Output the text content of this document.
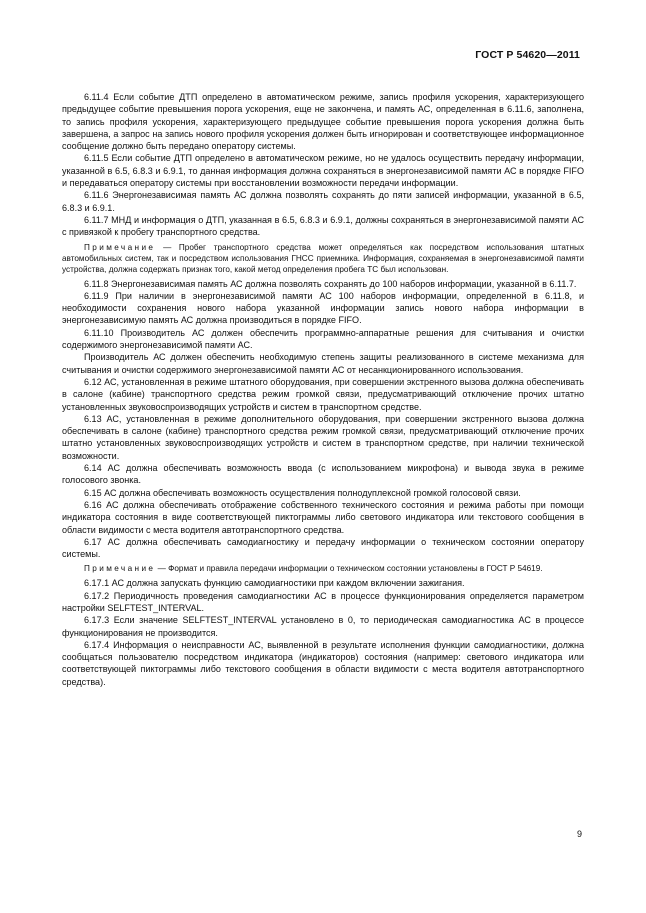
ГОСТ Р 54620—2011

6.11.4 Если событие ДТП определено в автоматическом режиме, запись профиля ускорения, характеризующего предыдущее событие превышения порога ускорения, еще не закончена, и память АС, определенная в 6.11.6, заполнена, то запись профиля ускорения, характеризующего предыдущее событие превышения порога ускорения должна быть завершена, а запрос на запись нового профиля ускорения должен быть игнорирован и соответствующее информационное сообщение должно быть передано оператору системы.

6.11.5 Если событие ДТП определено в автоматическом режиме, но не удалось осуществить передачу информации, указанной в 6.5, 6.8.3 и 6.9.1, то данная информация должна сохраняться в энергонезависимой памяти АС в порядке FIFO и передаваться оператору системы при восстановлении возможности передачи информации.

6.11.6 Энергонезависимая память АС должна позволять сохранять до пяти записей информации, указанной в 6.5, 6.8.3 и 6.9.1.

6.11.7 МНД и информация о ДТП, указанная в 6.5, 6.8.3 и 6.9.1, должны сохраняться в энергонезависимой памяти АС с привязкой к пробегу транспортного средства.

Примечание — Пробег транспортного средства может определяться как посредством использования штатных автомобильных систем, так и посредством использования ГНСС приемника. Информация, сохраняемая в энергонезависимой памяти устройства, должна содержать признак того, какой метод определения пробега ТС был использован.

6.11.8 Энергонезависимая память АС должна позволять сохранять до 100 наборов информации, указанной в 6.11.7.

6.11.9 При наличии в энергонезависимой памяти АС 100 наборов информации, определенной в 6.11.8, и необходимости сохранения нового набора указанной информации запись нового набора информации в энергонезависимую память АС должна производиться в порядке FIFO.

6.11.10 Производитель АС должен обеспечить программно-аппаратные решения для считывания и очистки содержимого энергонезависимой памяти АС.

Производитель АС должен обеспечить необходимую степень защиты реализованного в системе механизма для считывания и очистки содержимого энергонезависимой памяти АС от несанкционированного использования.

6.12 АС, установленная в режиме штатного оборудования, при совершении экстренного вызова должна обеспечивать в салоне (кабине) транспортного средства режим громкой связи, предусматривающий отключение прочих штатно установленных звуковоспроизводящих устройств и систем в транспортном средстве.

6.13 АС, установленная в режиме дополнительного оборудования, при совершении экстренного вызова должна обеспечивать в салоне (кабине) транспортного средства режим громкой связи, предусматривающий отключение прочих штатно установленных звуковоспроизводящих устройств и систем в транспортном средстве, при наличии технической возможности.

6.14 АС должна обеспечивать возможность ввода (с использованием микрофона) и вывода звука в режиме голосового звонка.

6.15 АС должна обеспечивать возможность осуществления полнодуплексной громкой голосовой связи.

6.16 АС должна обеспечивать отображение собственного технического состояния и режима работы при помощи индикатора состояния в виде соответствующей пиктограммы либо светового индикатора или текстового сообщения в области видимости с места водителя автотранспортного средства.

6.17 АС должна обеспечивать самодиагностику и передачу информации о техническом состоянии оператору системы.

Примечание — Формат и правила передачи информации о техническом состоянии установлены в ГОСТ Р 54619.

6.17.1 АС должна запускать функцию самодиагностики при каждом включении зажигания.

6.17.2 Периодичность проведения самодиагностики АС в процессе функционирования определяется параметром настройки SELFTEST_INTERVAL.

6.17.3 Если значение SELFTEST_INTERVAL установлено в 0, то периодическая самодиагностика АС в процессе функционирования не производится.

6.17.4 Информация о неисправности АС, выявленной в результате исполнения функции самодиагностики, должна сообщаться пользователю посредством индикатора (индикаторов) состояния (например: светового индикатора или соответствующей пиктограммы либо текстового сообщения в области видимости с места водителя автотранспортного средства).

9
